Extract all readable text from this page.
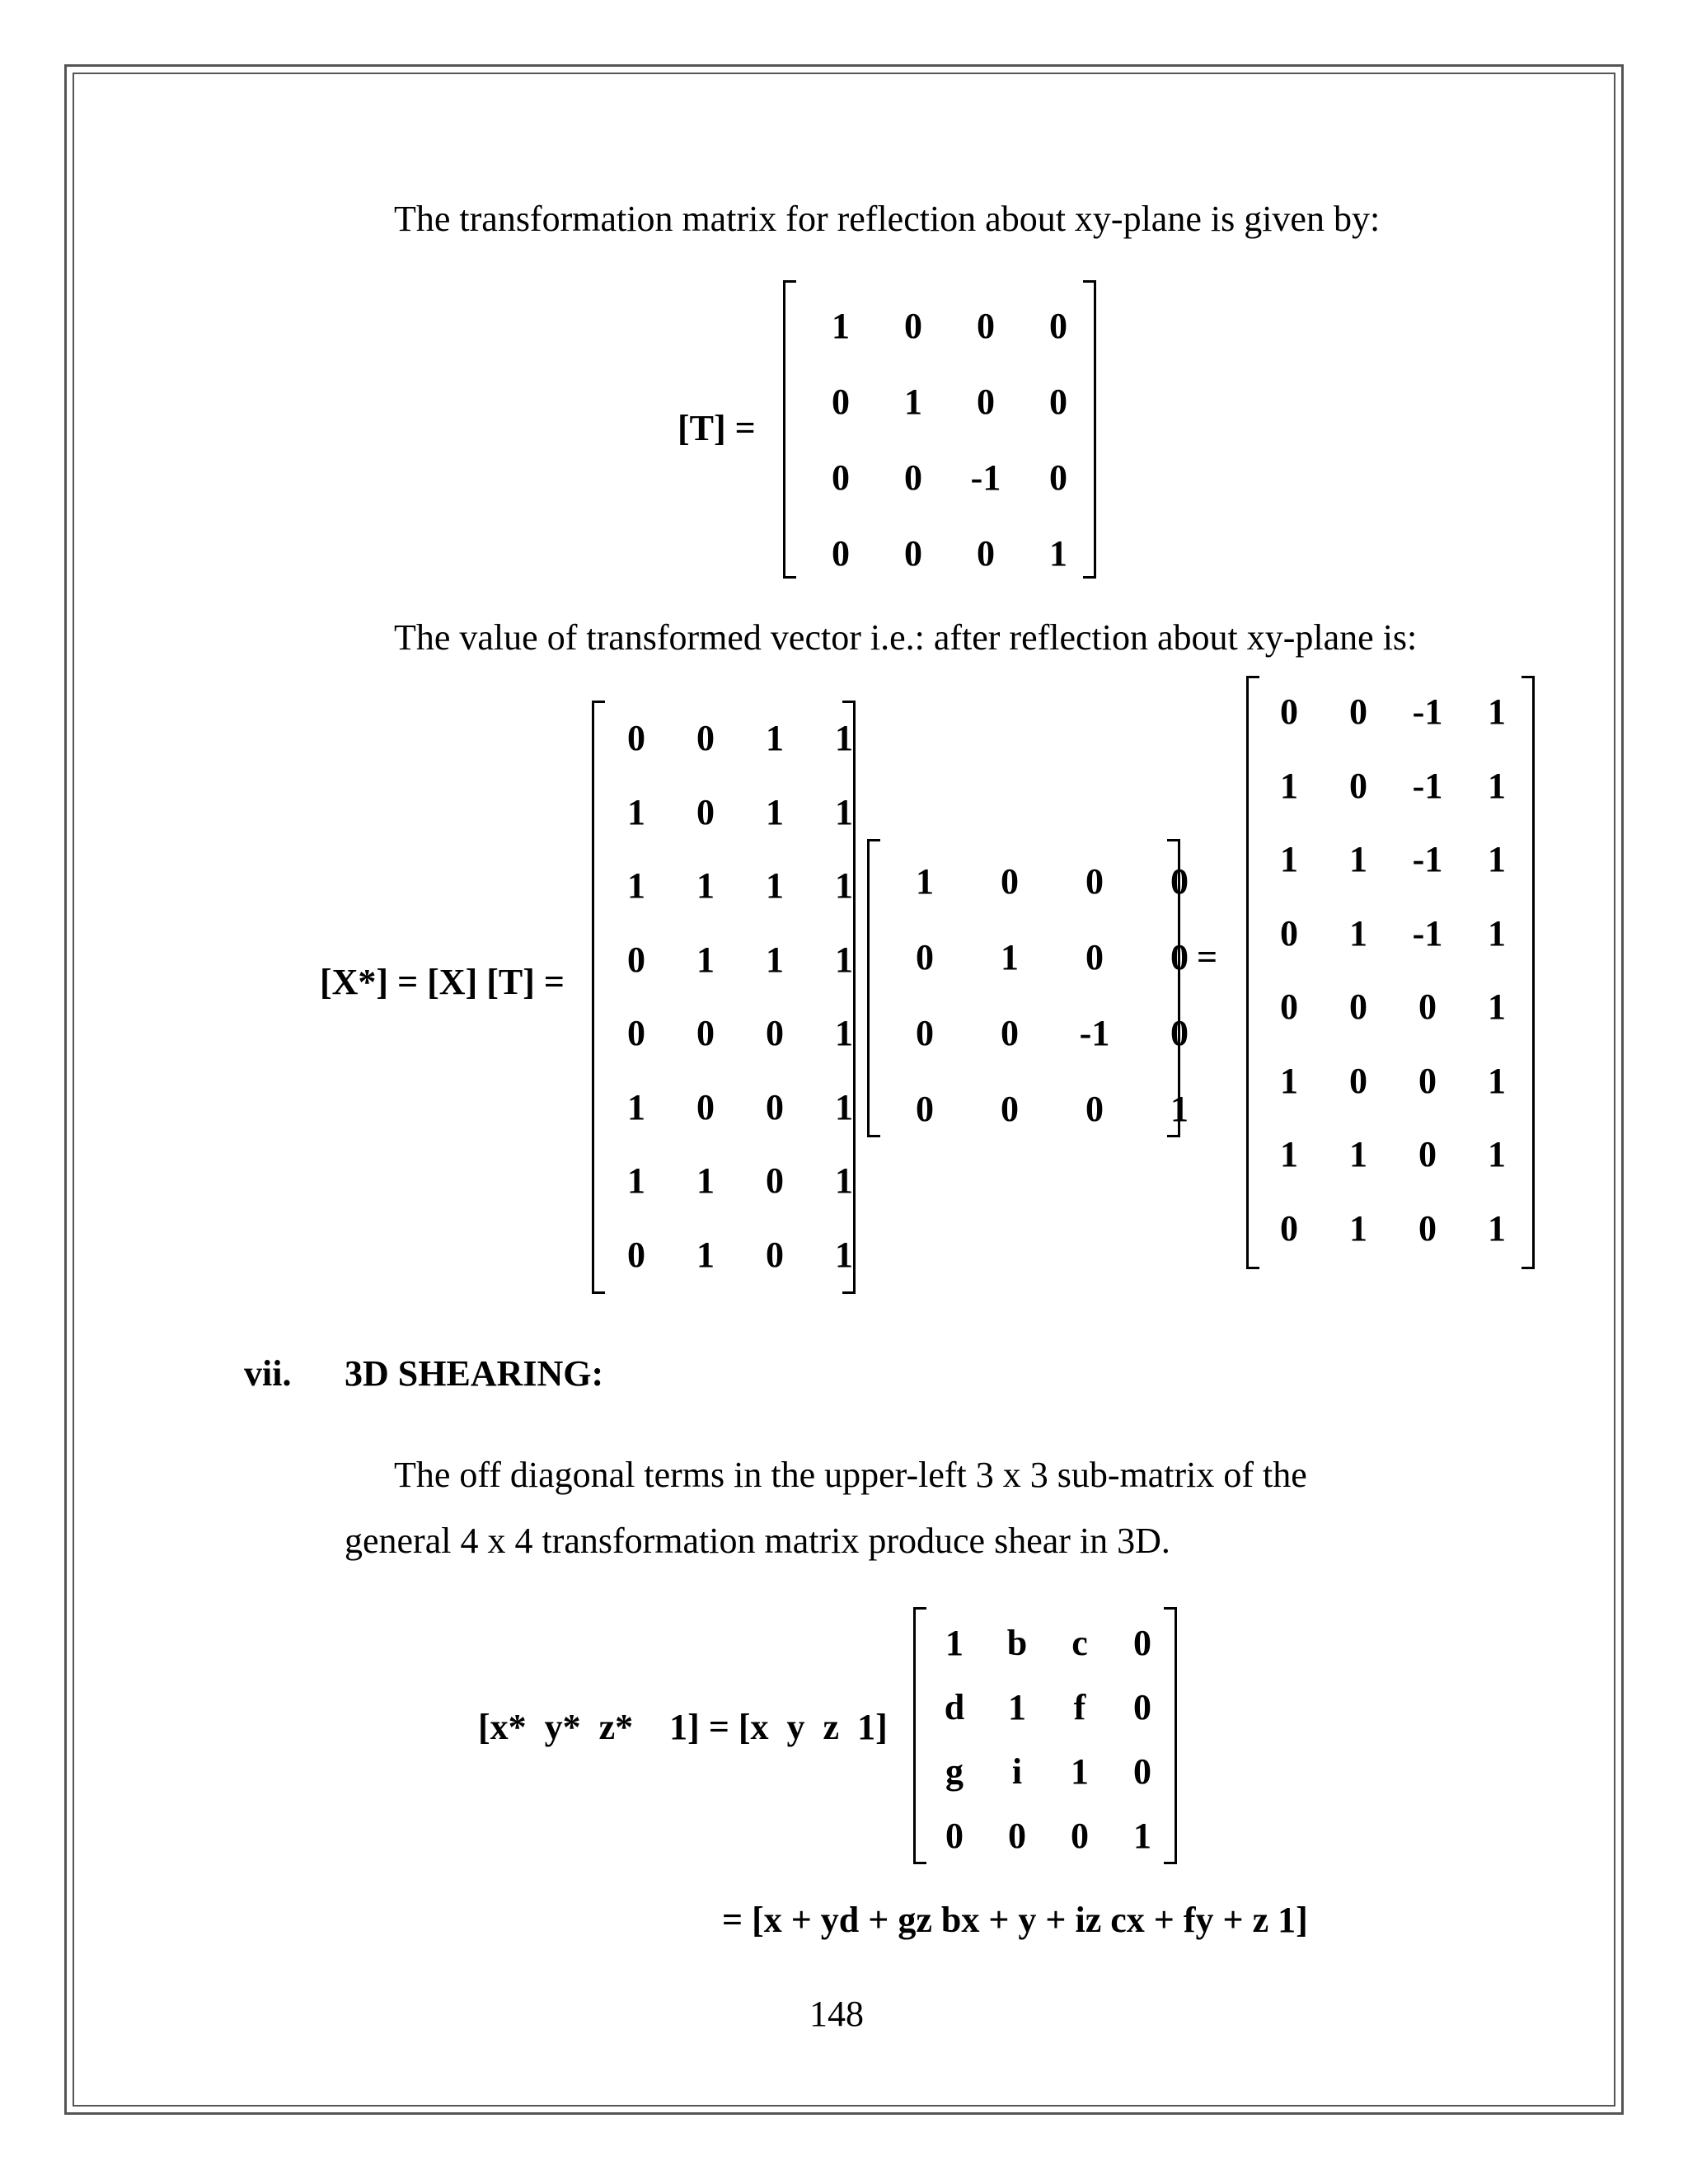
The transformation matrix for reflection about xy-plane is given by:
[T] =
1	0	0	0
0	1	0	0
0	0	-1	0
0	0	0	1
The value of transformed vector i.e.: after reflection about xy-plane is:
[X*] = [X] [T] =
0	0	1	1
1	0	1	1
1	1	1	1
0	1	1	1
0	0	0	1
1	0	0	1
1	1	0	1
0	1	0	1
1	0	0	0
0	1	0	0
0	0	-1	0
0	0	0	1
=
0	0	-1	1
1	0	-1	1
1	1	-1	1
0	1	-1	1
0	0	0	1
1	0	0	1
1	1	0	1
0	1	0	1
vii. 3D SHEARING:
The off diagonal terms in the upper-left 3 x 3 sub-matrix of the
general 4 x 4 transformation matrix produce shear in 3D.
[x*  y*  z*    1] = [x  y  z  1]
1	b	c	0
d	1	f	0
g	i	1	0
0	0	0	1
= [x + yd + gz bx + y + iz cx + fy + z 1]
148
